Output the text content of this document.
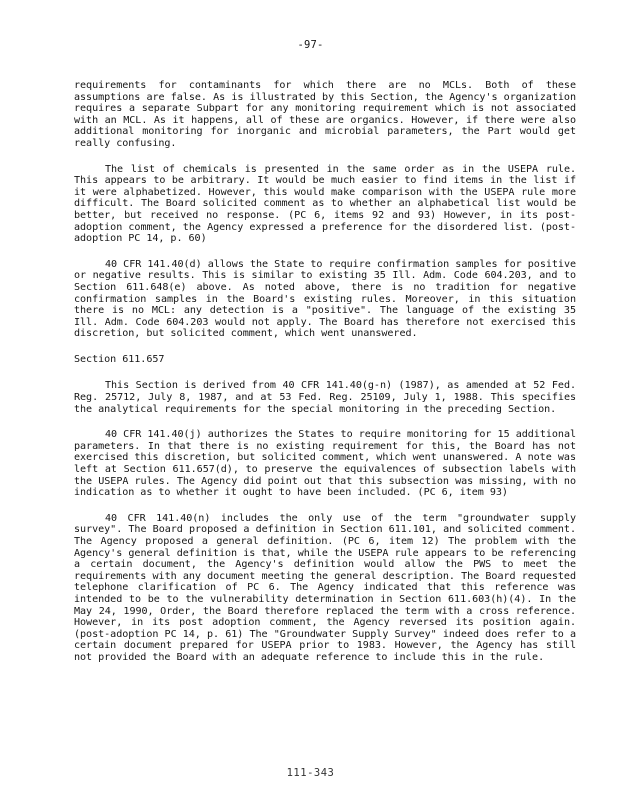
-97-

requirements for contaminants for which there are no MCLs. Both of these assumptions are false. As is illustrated by this Section, the Agency's organization requires a separate Subpart for any monitoring requirement which is not associated with an MCL. As it happens, all of these are organics. However, if there were also additional monitoring for inorganic and microbial parameters, the Part would get really confusing.

The list of chemicals is presented in the same order as in the USEPA rule. This appears to be arbitrary. It would be much easier to find items in the list if it were alphabetized. However, this would make comparison with the USEPA rule more difficult. The Board solicited comment as to whether an alphabetical list would be better, but received no response. (PC 6, items 92 and 93) However, in its post-adoption comment, the Agency expressed a preference for the disordered list. (post-adoption PC 14, p. 60)

40 CFR 141.40(d) allows the State to require confirmation samples for positive or negative results. This is similar to existing 35 Ill. Adm. Code 604.203, and to Section 611.648(e) above. As noted above, there is no tradition for negative confirmation samples in the Board's existing rules. Moreover, in this situation there is no MCL: any detection is a "positive". The language of the existing 35 Ill. Adm. Code 604.203 would not apply. The Board has therefore not exercised this discretion, but solicited comment, which went unanswered.

Section 611.657

This Section is derived from 40 CFR 141.40(g-n) (1987), as amended at 52 Fed. Reg. 25712, July 8, 1987, and at 53 Fed. Reg. 25109, July 1, 1988. This specifies the analytical requirements for the special monitoring in the preceding Section.

40 CFR 141.40(j) authorizes the States to require monitoring for 15 additional parameters. In that there is no existing requirement for this, the Board has not exercised this discretion, but solicited comment, which went unanswered. A note was left at Section 611.657(d), to preserve the equivalences of subsection labels with the USEPA rules. The Agency did point out that this subsection was missing, with no indication as to whether it ought to have been included. (PC 6, item 93)

40 CFR 141.40(n) includes the only use of the term "groundwater supply survey". The Board proposed a definition in Section 611.101, and solicited comment. The Agency proposed a general definition. (PC 6, item 12) The problem with the Agency's general definition is that, while the USEPA rule appears to be referencing a certain document, the Agency's definition would allow the PWS to meet the requirements with any document meeting the general description. The Board requested telephone clarification of PC 6. The Agency indicated that this reference was intended to be to the vulnerability determination in Section 611.603(h)(4). In the May 24, 1990, Order, the Board therefore replaced the term with a cross reference. However, in its post adoption comment, the Agency reversed its position again. (post-adoption PC 14, p. 61) The "Groundwater Supply Survey" indeed does refer to a certain document prepared for USEPA prior to 1983. However, the Agency has still not provided the Board with an adequate reference to include this in the rule.

111-343
